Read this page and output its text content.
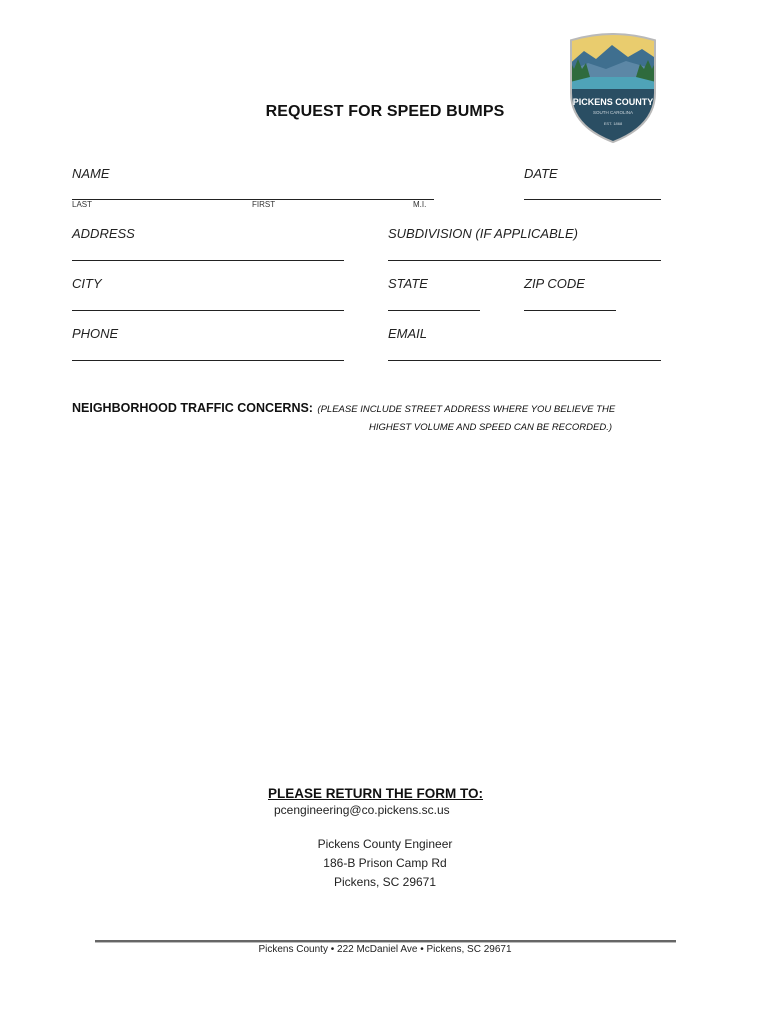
PICKENS COUNTY
SOUTH CAROLINA
EST. 1868
REQUEST FOR SPEED BUMPS
NAME
LAST	FIRST	M.I.
DATE
ADDRESS	SUBDIVISION (IF APPLICABLE)
CITY	STATE	ZIP CODE
PHONE	EMAIL
NEIGHBORHOOD TRAFFIC CONCERNS: (PLEASE INCLUDE STREET ADDRESS WHERE YOU BELIEVE THE
HIGHEST VOLUME AND SPEED CAN BE RECORDED.)
PLEASE RETURN THE FORM TO:
pcengineering@co.pickens.sc.us
Pickens County Engineer
186-B Prison Camp Rd
Pickens, SC 29671
Pickens County • 222 McDaniel Ave • Pickens, SC 29671
